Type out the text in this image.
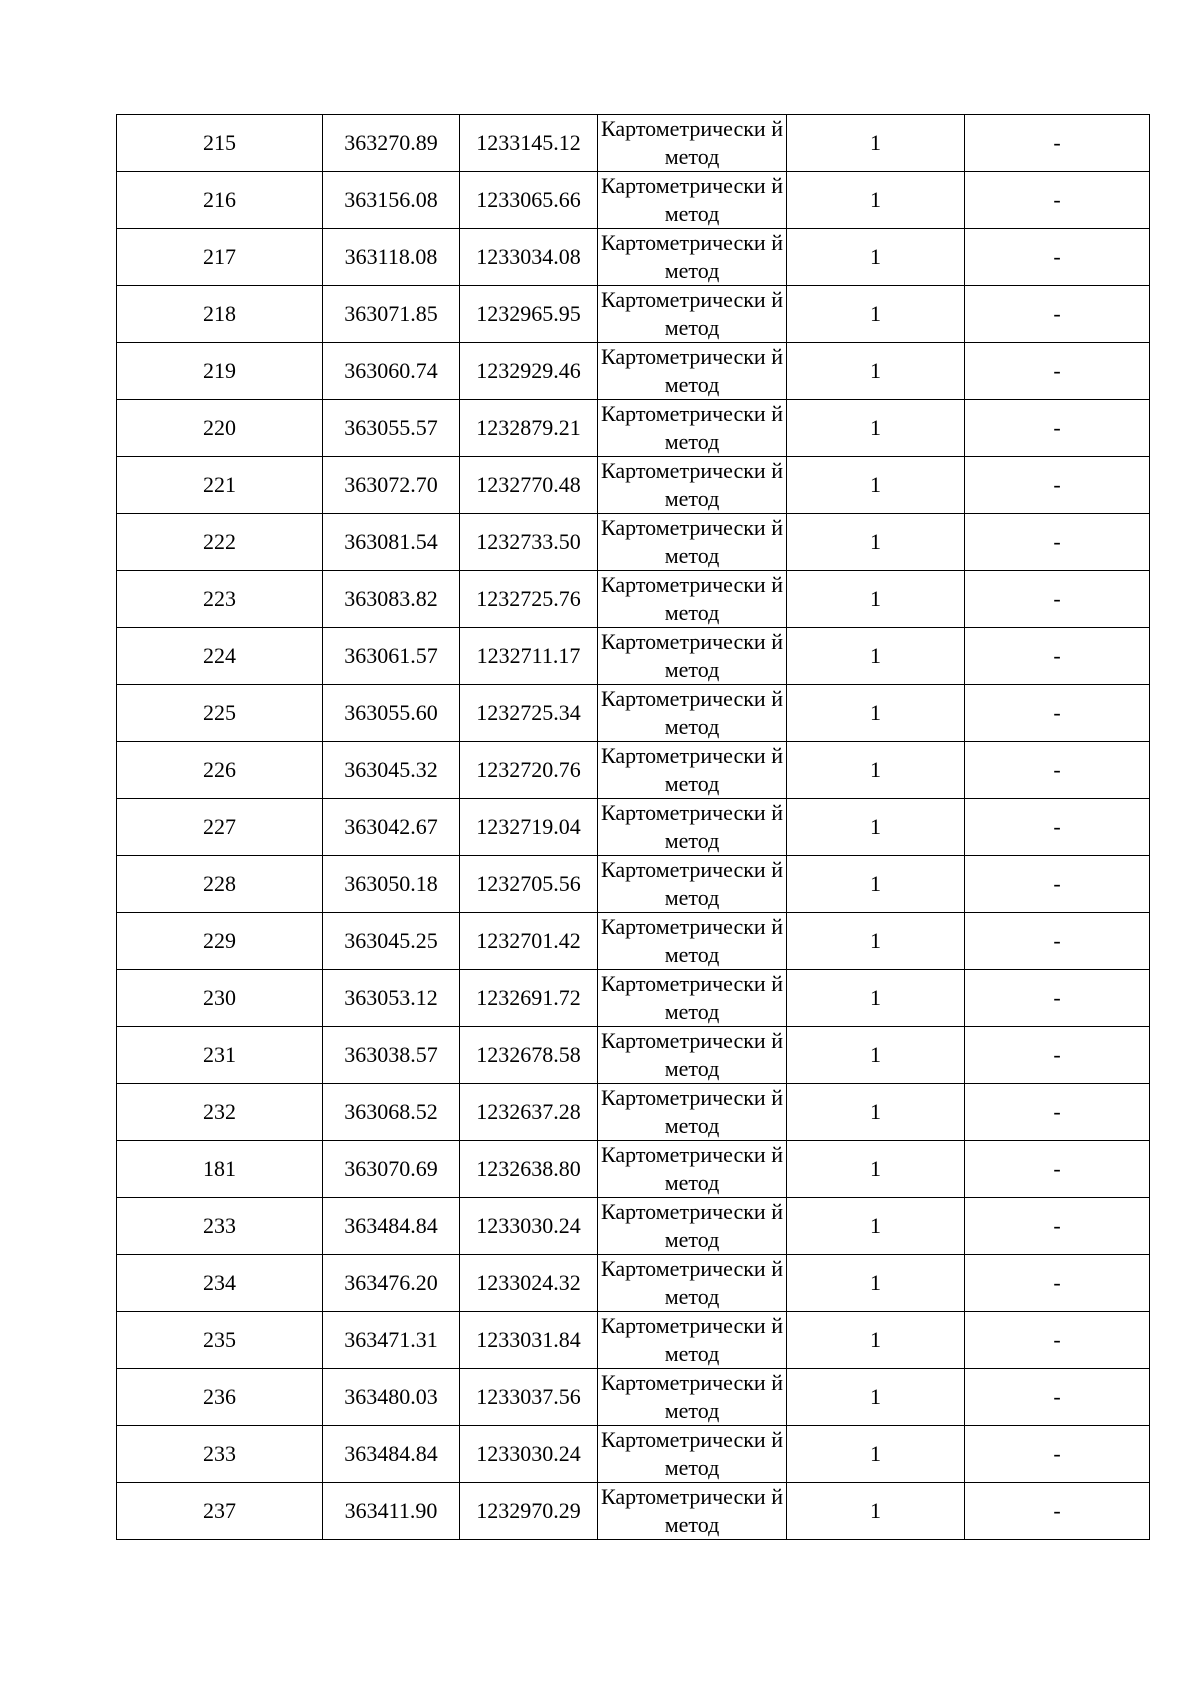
215	363270.89	1233145.12	Картометрически й метод	1	-
216	363156.08	1233065.66	Картометрически й метод	1	-
217	363118.08	1233034.08	Картометрически й метод	1	-
218	363071.85	1232965.95	Картометрически й метод	1	-
219	363060.74	1232929.46	Картометрически й метод	1	-
220	363055.57	1232879.21	Картометрически й метод	1	-
221	363072.70	1232770.48	Картометрически й метод	1	-
222	363081.54	1232733.50	Картометрически й метод	1	-
223	363083.82	1232725.76	Картометрически й метод	1	-
224	363061.57	1232711.17	Картометрически й метод	1	-
225	363055.60	1232725.34	Картометрически й метод	1	-
226	363045.32	1232720.76	Картометрически й метод	1	-
227	363042.67	1232719.04	Картометрически й метод	1	-
228	363050.18	1232705.56	Картометрически й метод	1	-
229	363045.25	1232701.42	Картометрически й метод	1	-
230	363053.12	1232691.72	Картометрически й метод	1	-
231	363038.57	1232678.58	Картометрически й метод	1	-
232	363068.52	1232637.28	Картометрически й метод	1	-
181	363070.69	1232638.80	Картометрически й метод	1	-
233	363484.84	1233030.24	Картометрически й метод	1	-
234	363476.20	1233024.32	Картометрически й метод	1	-
235	363471.31	1233031.84	Картометрически й метод	1	-
236	363480.03	1233037.56	Картометрически й метод	1	-
233	363484.84	1233030.24	Картометрически й метод	1	-
237	363411.90	1232970.29	Картометрически й метод	1	-
